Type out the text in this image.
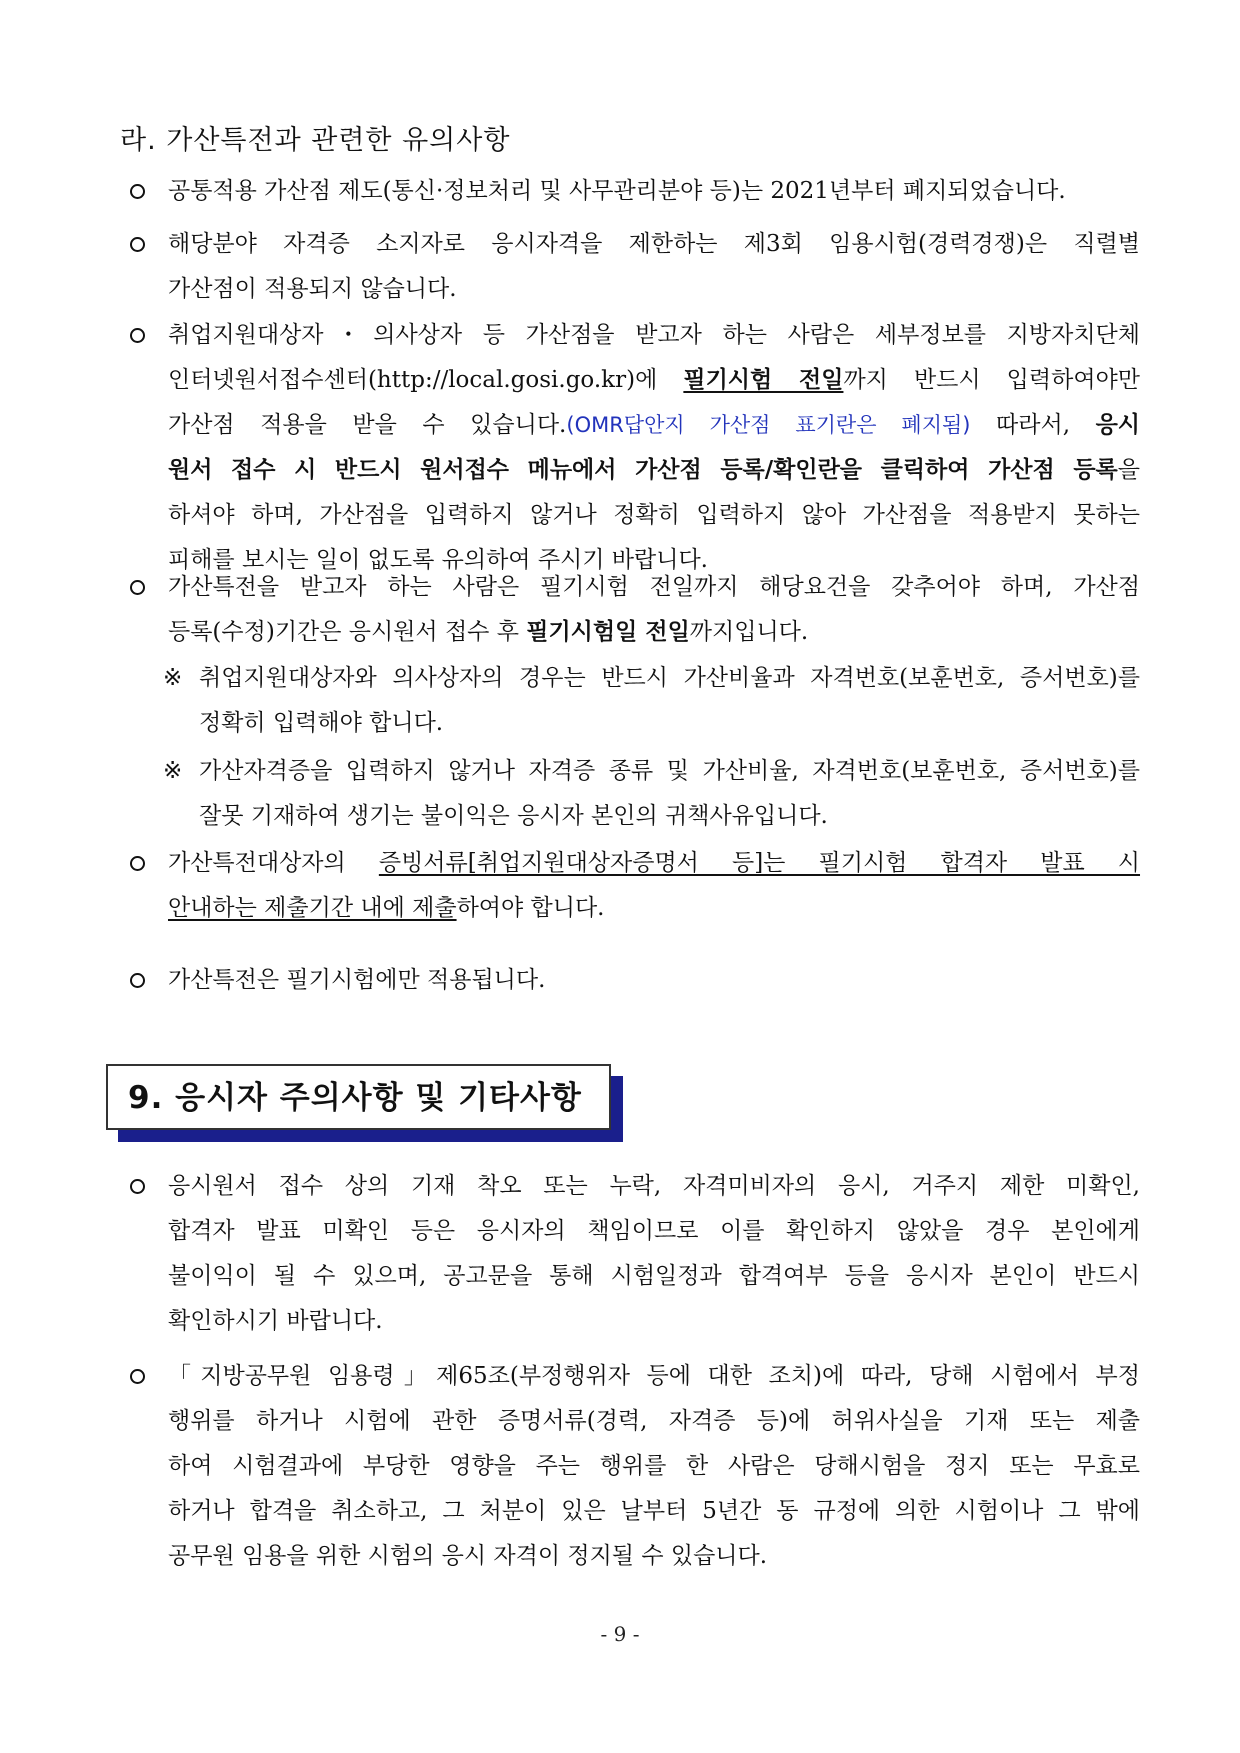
라. 가산특전과 관련한 유의사항
공통적용 가산점 제도(통신·정보처리 및 사무관리분야 등)는 2021년부터 폐지되었습니다.
해당분야 자격증 소지자로 응시자격을 제한하는 제3회 임용시험(경력경쟁)은 직렬별
가산점이 적용되지 않습니다.
취업지원대상자・의사상자 등 가산점을 받고자 하는 사람은 세부정보를 지방자치단체
인터넷원서접수센터(http://local.gosi.go.kr)에 필기시험 전일까지 반드시 입력하여야만
가산점 적용을 받을 수 있습니다.(OMR답안지 가산점 표기란은 폐지됨) 따라서, 응시
원서 접수 시 반드시 원서접수 메뉴에서 가산점 등록/확인란을 클릭하여 가산점 등록을
하셔야 하며, 가산점을 입력하지 않거나 정확히 입력하지 않아 가산점을 적용받지 못하는
피해를 보시는 일이 없도록 유의하여 주시기 바랍니다.
가산특전을 받고자 하는 사람은 필기시험 전일까지 해당요건을 갖추어야 하며, 가산점
등록(수정)기간은 응시원서 접수 후 필기시험일 전일까지입니다.
※ 취업지원대상자와 의사상자의 경우는 반드시 가산비율과 자격번호(보훈번호, 증서번호)를
정확히 입력해야 합니다.
※ 가산자격증을 입력하지 않거나 자격증 종류 및 가산비율, 자격번호(보훈번호, 증서번호)를
잘못 기재하여 생기는 불이익은 응시자 본인의 귀책사유입니다.
가산특전대상자의 증빙서류[취업지원대상자증명서 등]는 필기시험 합격자 발표 시
안내하는 제출기간 내에 제출하여야 합니다.
가산특전은 필기시험에만 적용됩니다.
9. 응시자 주의사항 및 기타사항
응시원서 접수 상의 기재 착오 또는 누락, 자격미비자의 응시, 거주지 제한 미확인,
합격자 발표 미확인 등은 응시자의 책임이므로 이를 확인하지 않았을 경우 본인에게
불이익이 될 수 있으며, 공고문을 통해 시험일정과 합격여부 등을 응시자 본인이 반드시
확인하시기 바랍니다.
「지방공무원 임용령」제65조(부정행위자 등에 대한 조치)에 따라, 당해 시험에서 부정
행위를 하거나 시험에 관한 증명서류(경력, 자격증 등)에 허위사실을 기재 또는 제출
하여 시험결과에 부당한 영향을 주는 행위를 한 사람은 당해시험을 정지 또는 무효로
하거나 합격을 취소하고, 그 처분이 있은 날부터 5년간 동 규정에 의한 시험이나 그 밖에
공무원 임용을 위한 시험의 응시 자격이 정지될 수 있습니다.
- 9 -
